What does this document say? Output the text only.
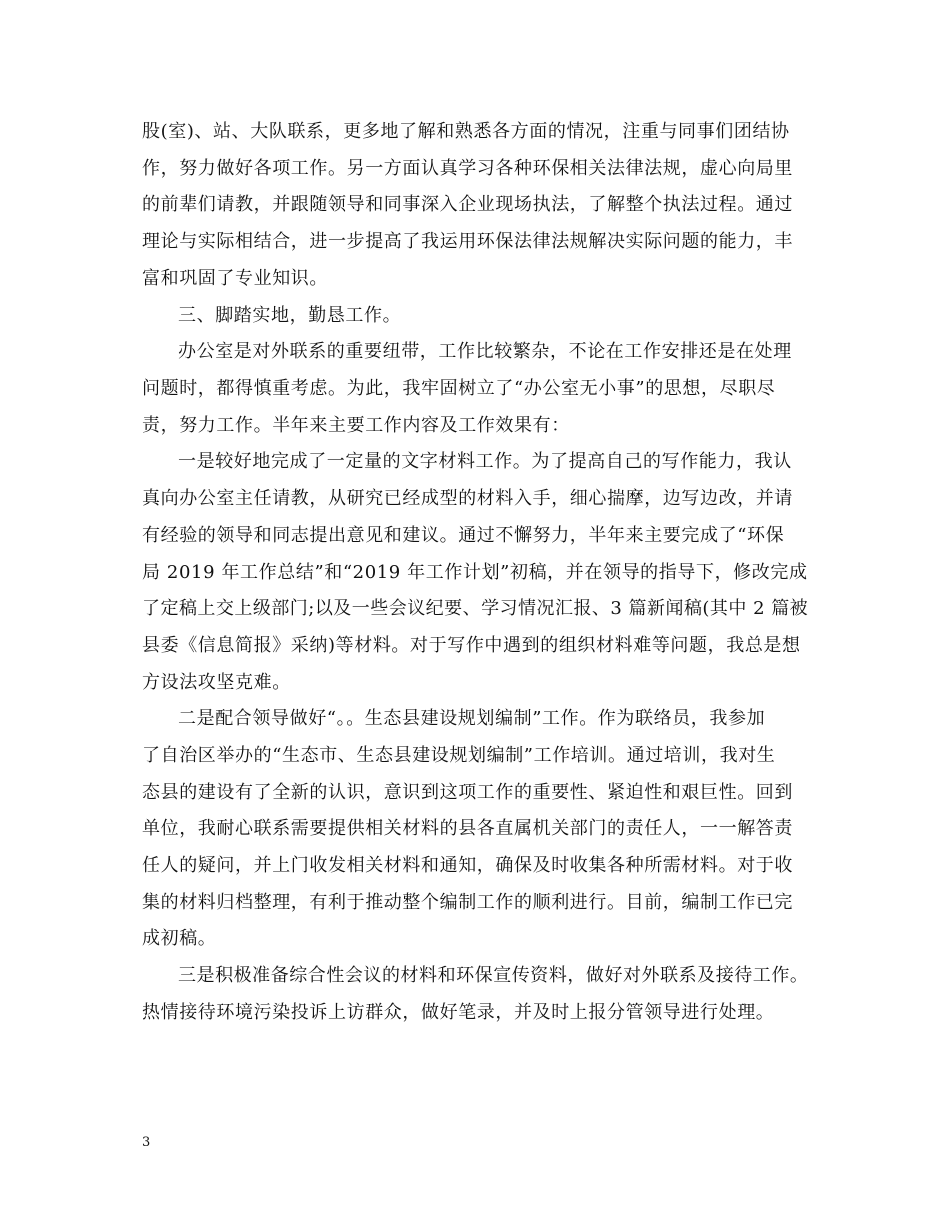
股(室)、站、大队联系，更多地了解和熟悉各方面的情况，注重与同事们团结协
作，努力做好各项工作。另一方面认真学习各种环保相关法律法规，虚心向局里
的前辈们请教，并跟随领导和同事深入企业现场执法，了解整个执法过程。通过
理论与实际相结合，进一步提高了我运用环保法律法规解决实际问题的能力，丰
富和巩固了专业知识。
三、脚踏实地，勤恳工作。
办公室是对外联系的重要纽带，工作比较繁杂，不论在工作安排还是在处理
问题时，都得慎重考虑。为此，我牢固树立了“办公室无小事”的思想，尽职尽
责，努力工作。半年来主要工作内容及工作效果有：
一是较好地完成了一定量的文字材料工作。为了提高自己的写作能力，我认
真向办公室主任请教，从研究已经成型的材料入手，细心揣摩，边写边改，并请
有经验的领导和同志提出意见和建议。通过不懈努力，半年来主要完成了“环保
局 2019 年工作总结”和“2019 年工作计划”初稿，并在领导的指导下，修改完成
了定稿上交上级部门;以及一些会议纪要、学习情况汇报、3 篇新闻稿(其中 2 篇被
县委《信息简报》采纳)等材料。对于写作中遇到的组织材料难等问题，我总是想
方设法攻坚克难。
二是配合领导做好“。。生态县建设规划编制”工作。作为联络员，我参加
了自治区举办的“生态市、生态县建设规划编制”工作培训。通过培训，我对生
态县的建设有了全新的认识，意识到这项工作的重要性、紧迫性和艰巨性。回到
单位，我耐心联系需要提供相关材料的县各直属机关部门的责任人，一一解答责
任人的疑问，并上门收发相关材料和通知，确保及时收集各种所需材料。对于收
集的材料归档整理，有利于推动整个编制工作的顺利进行。目前，编制工作已完
成初稿。
三是积极准备综合性会议的材料和环保宣传资料，做好对外联系及接待工作。
热情接待环境污染投诉上访群众，做好笔录，并及时上报分管领导进行处理。
3
